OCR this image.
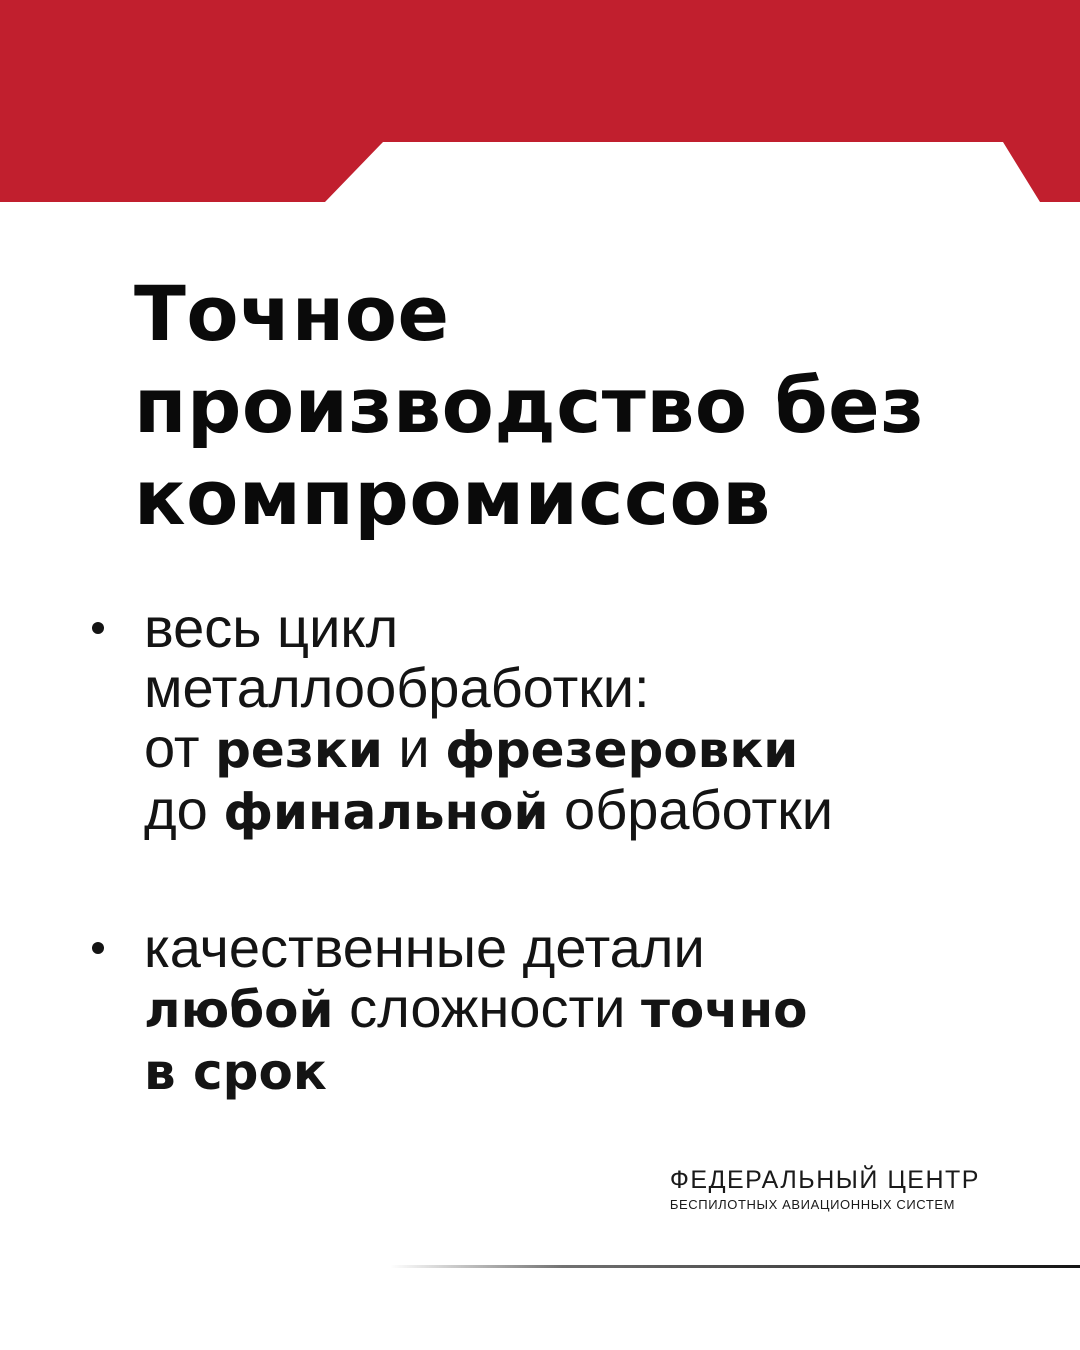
Точное
производство без
компромиссов
весь цикл
металлообработки:
от резки и фрезеровки
до финальной обработки
качественные детали
любой сложности точно
в срок
ФЕДЕРАЛЬНЫЙ ЦЕНТР
БЕСПИЛОТНЫХ АВИАЦИОННЫХ СИСТЕМ
